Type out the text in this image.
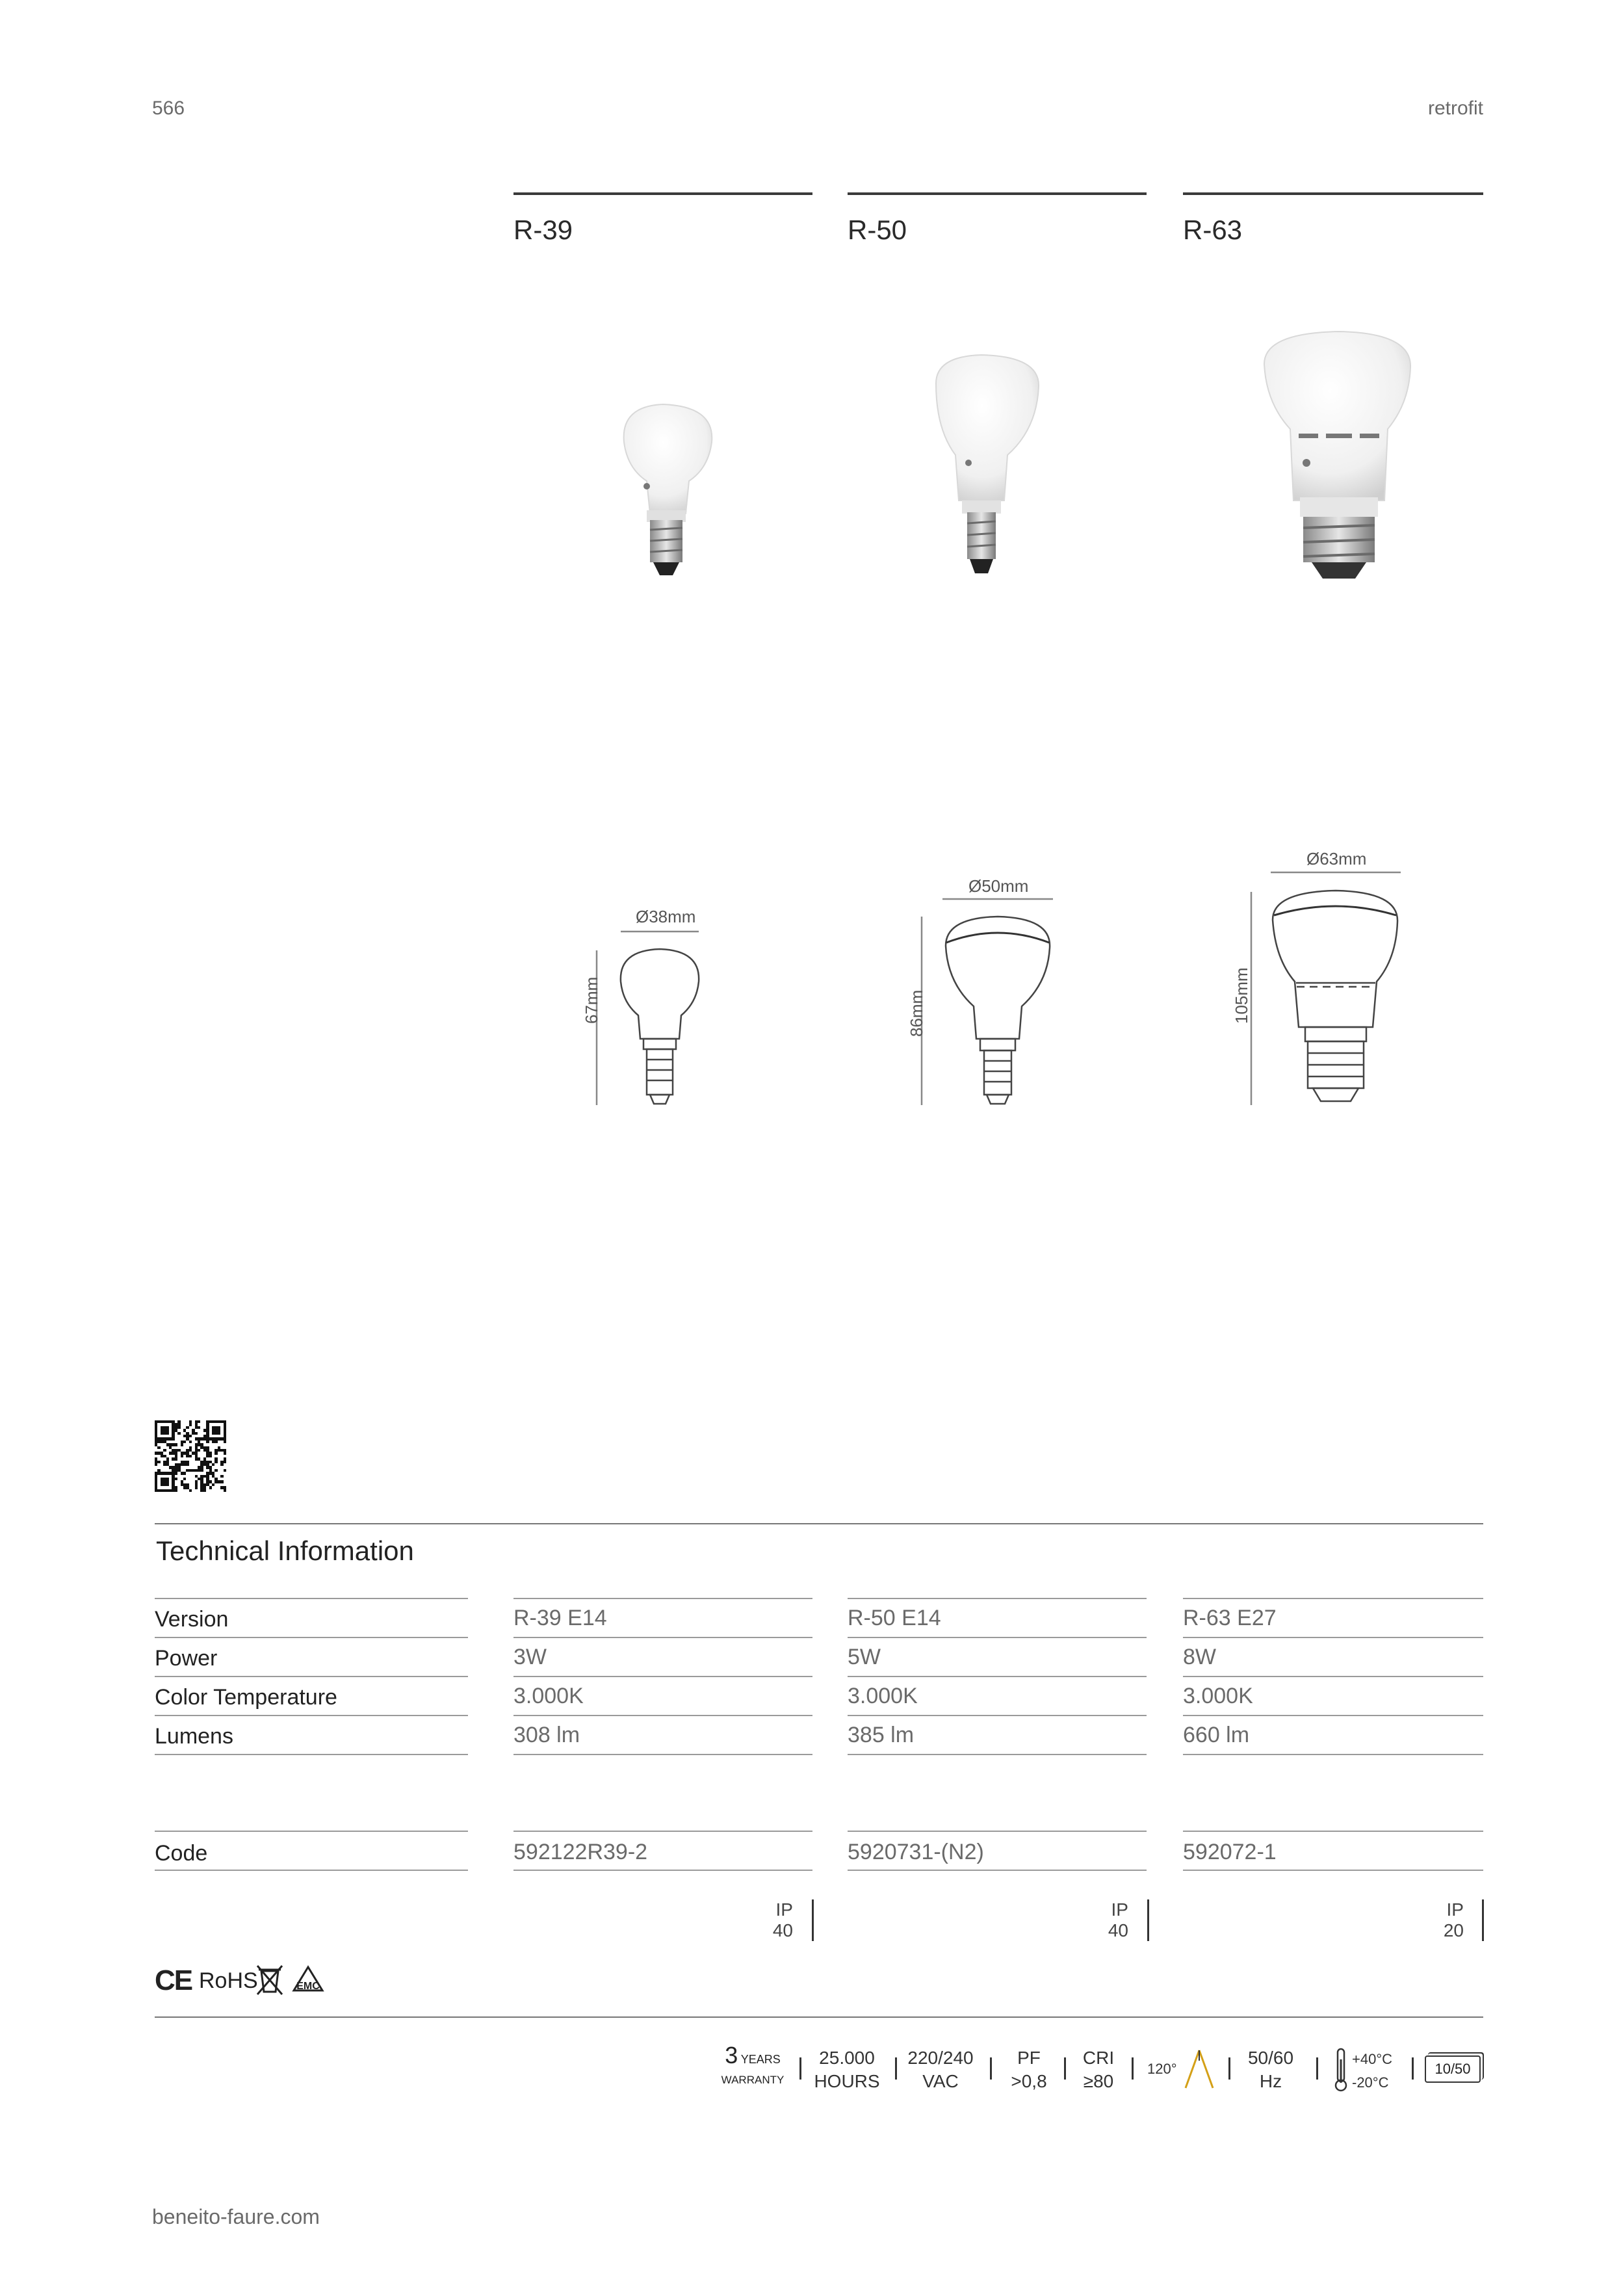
566	retrofit
R-39	R-50	R-63
Ø38mm
Ø50mm
Ø63mm
67mm	86mm	105mm
Technical Information
Version	R-39 E14	R-50 E14	R-63 E27
Power	3W	5W	8W
Color Temperature	3.000K	3.000K	3.000K
Lumens	308 lm	385 lm	660 lm
Code	592122R39-2	5920731-(N2)	592072-1
IP
40
IP
40
IP
20
CE RoHS	EMC
3 YEARS
WARRANTY
25.000
HOURS
220/240
VAC
PF
>0,8
CRI
≥80
120°
50/60
Hz
+40°C
-20°C
10/50
beneito-faure.com
